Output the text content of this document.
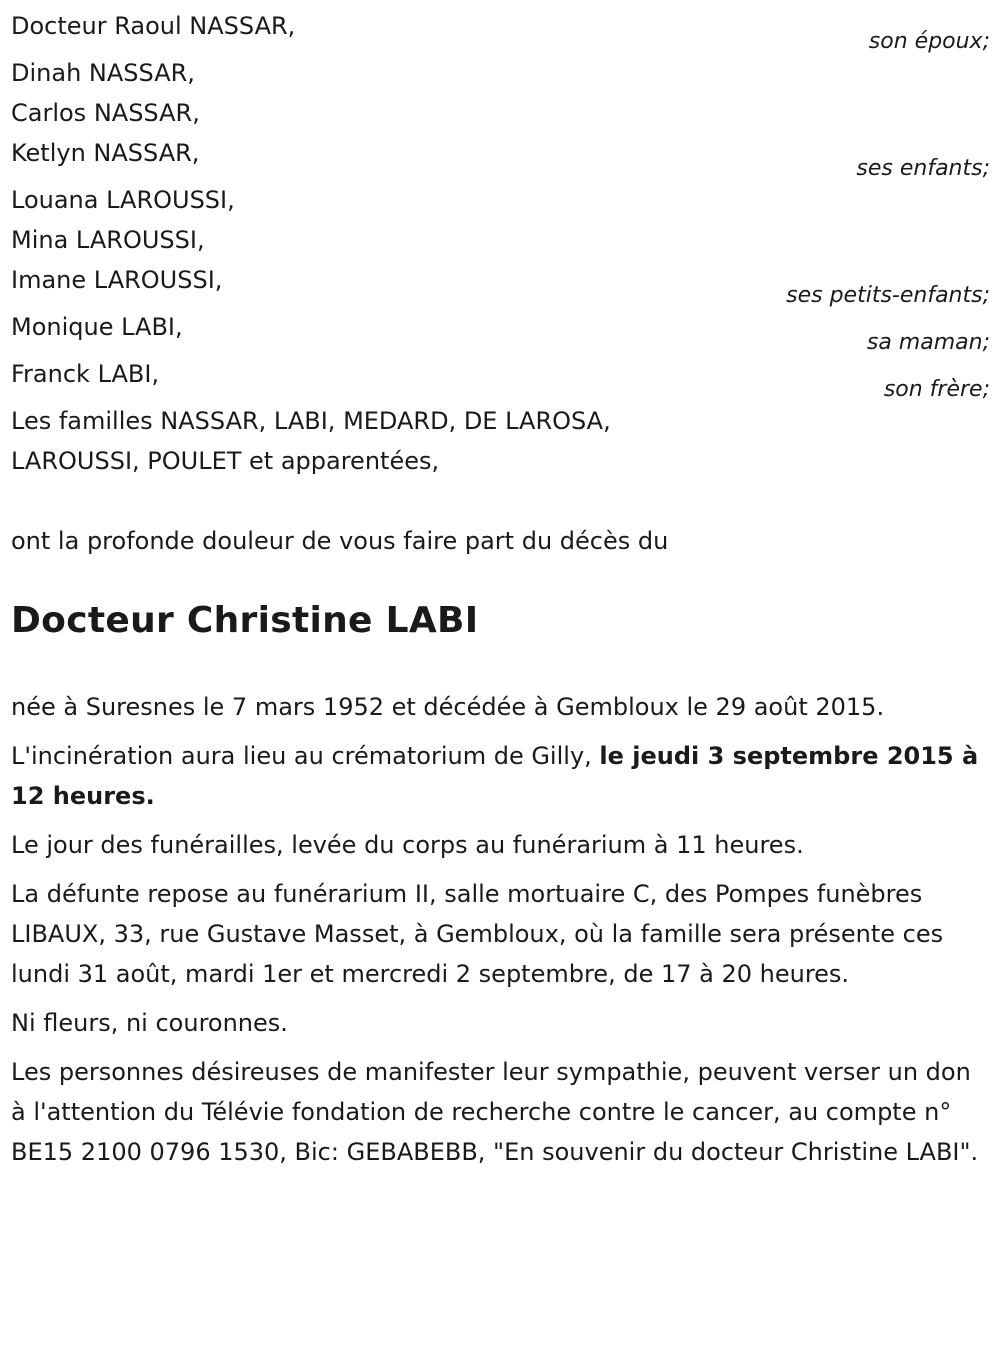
Docteur Raoul NASSAR,
son époux;
Dinah NASSAR,
Carlos NASSAR,
Ketlyn NASSAR,
ses enfants;
Louana LAROUSSI,
Mina LAROUSSI,
Imane LAROUSSI,
ses petits-enfants;
Monique LABI,
sa maman;
Franck LABI,
son frère;
Les familles NASSAR, LABI, MEDARD, DE LAROSA,
LAROUSSI, POULET et apparentées,
ont la profonde douleur de vous faire part du décès du
Docteur Christine LABI

née à Suresnes le 7 mars 1952 et décédée à Gembloux le 29 août 2015.

L'incinération aura lieu au crématorium de Gilly, le jeudi 3 septembre 2015 à 12 heures.

Le jour des funérailles, levée du corps au funérarium à 11 heures.

La défunte repose au funérarium II, salle mortuaire C, des Pompes funèbres LIBAUX, 33, rue Gustave Masset, à Gembloux, où la famille sera présente ces lundi 31 août, mardi 1er et mercredi 2 septembre, de 17 à 20 heures.

Ni fleurs, ni couronnes.

Les personnes désireuses de manifester leur sympathie, peuvent verser un don à l'attention du Télévie fondation de recherche contre le cancer, au compte n° BE15 2100 0796 1530, Bic: GEBABEBB, "En souvenir du docteur Christine LABI".
